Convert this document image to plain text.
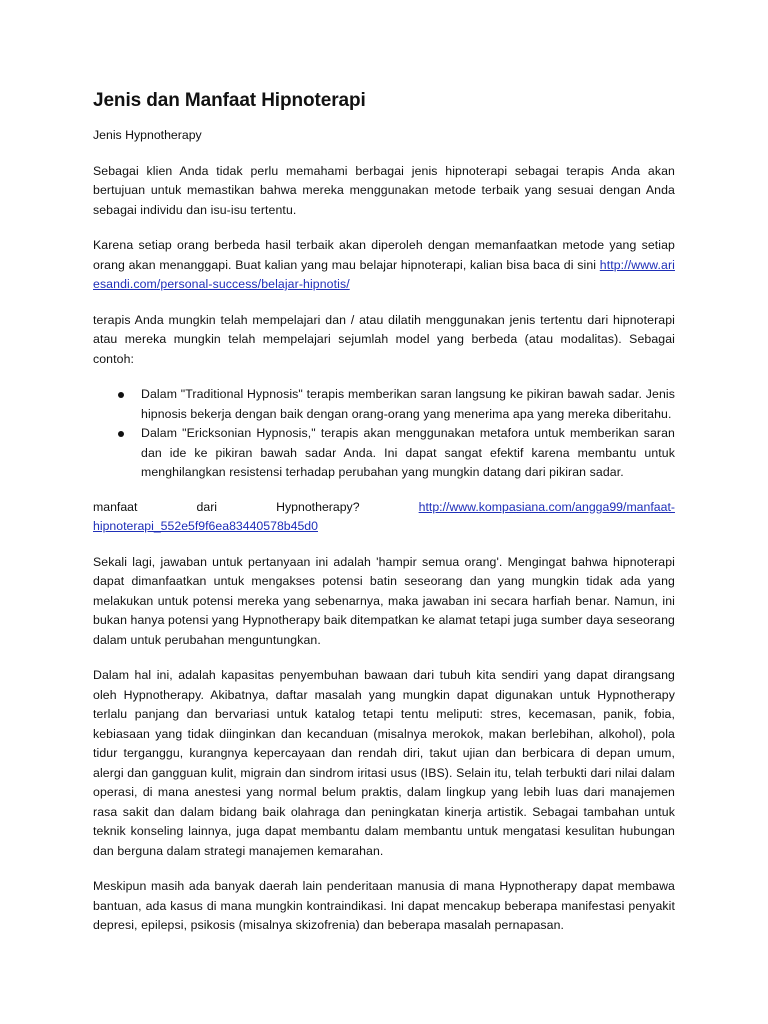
Jenis dan Manfaat Hipnoterapi

Jenis Hypnotherapy

Sebagai klien Anda tidak perlu memahami berbagai jenis hipnoterapi sebagai terapis Anda akan bertujuan untuk memastikan bahwa mereka menggunakan metode terbaik yang sesuai dengan Anda sebagai individu dan isu-isu tertentu.

Karena setiap orang berbeda hasil terbaik akan diperoleh dengan memanfaatkan metode yang setiap orang akan menanggapi. Buat kalian yang mau belajar hipnoterapi, kalian bisa baca di sini http://www.ariesandi.com/personal-success/belajar-hipnotis/

terapis Anda mungkin telah mempelajari dan / atau dilatih menggunakan jenis tertentu dari hipnoterapi atau mereka mungkin telah mempelajari sejumlah model yang berbeda (atau modalitas). Sebagai contoh:

Dalam "Traditional Hypnosis" terapis memberikan saran langsung ke pikiran bawah sadar. Jenis hipnosis bekerja dengan baik dengan orang-orang yang menerima apa yang mereka diberitahu.
Dalam "Ericksonian Hypnosis," terapis akan menggunakan metafora untuk memberikan saran dan ide ke pikiran bawah sadar Anda. Ini dapat sangat efektif karena membantu untuk menghilangkan resistensi terhadap perubahan yang mungkin datang dari pikiran sadar.
manfaat	dari	Hypnotherapy?	http://www.kompasiana.com/angga99/manfaat-
hipnoterapi_552e5f9f6ea83440578b45d0

Sekali lagi, jawaban untuk pertanyaan ini adalah 'hampir semua orang'. Mengingat bahwa hipnoterapi dapat dimanfaatkan untuk mengakses potensi batin seseorang dan yang mungkin tidak ada yang melakukan untuk potensi mereka yang sebenarnya, maka jawaban ini secara harfiah benar. Namun, ini bukan hanya potensi yang Hypnotherapy baik ditempatkan ke alamat tetapi juga sumber daya seseorang dalam untuk perubahan menguntungkan.

Dalam hal ini, adalah kapasitas penyembuhan bawaan dari tubuh kita sendiri yang dapat dirangsang oleh Hypnotherapy. Akibatnya, daftar masalah yang mungkin dapat digunakan untuk Hypnotherapy terlalu panjang dan bervariasi untuk katalog tetapi tentu meliputi: stres, kecemasan, panik, fobia, kebiasaan yang tidak diinginkan dan kecanduan (misalnya merokok, makan berlebihan, alkohol), pola tidur terganggu, kurangnya kepercayaan dan rendah diri, takut ujian dan berbicara di depan umum, alergi dan gangguan kulit, migrain dan sindrom iritasi usus (IBS). Selain itu, telah terbukti dari nilai dalam operasi, di mana anestesi yang normal belum praktis, dalam lingkup yang lebih luas dari manajemen rasa sakit dan dalam bidang baik olahraga dan peningkatan kinerja artistik. Sebagai tambahan untuk teknik konseling lainnya, juga dapat membantu dalam membantu untuk mengatasi kesulitan hubungan dan berguna dalam strategi manajemen kemarahan.

Meskipun masih ada banyak daerah lain penderitaan manusia di mana Hypnotherapy dapat membawa bantuan, ada kasus di mana mungkin kontraindikasi. Ini dapat mencakup beberapa manifestasi penyakit depresi, epilepsi, psikosis (misalnya skizofrenia) dan beberapa masalah pernapasan.
